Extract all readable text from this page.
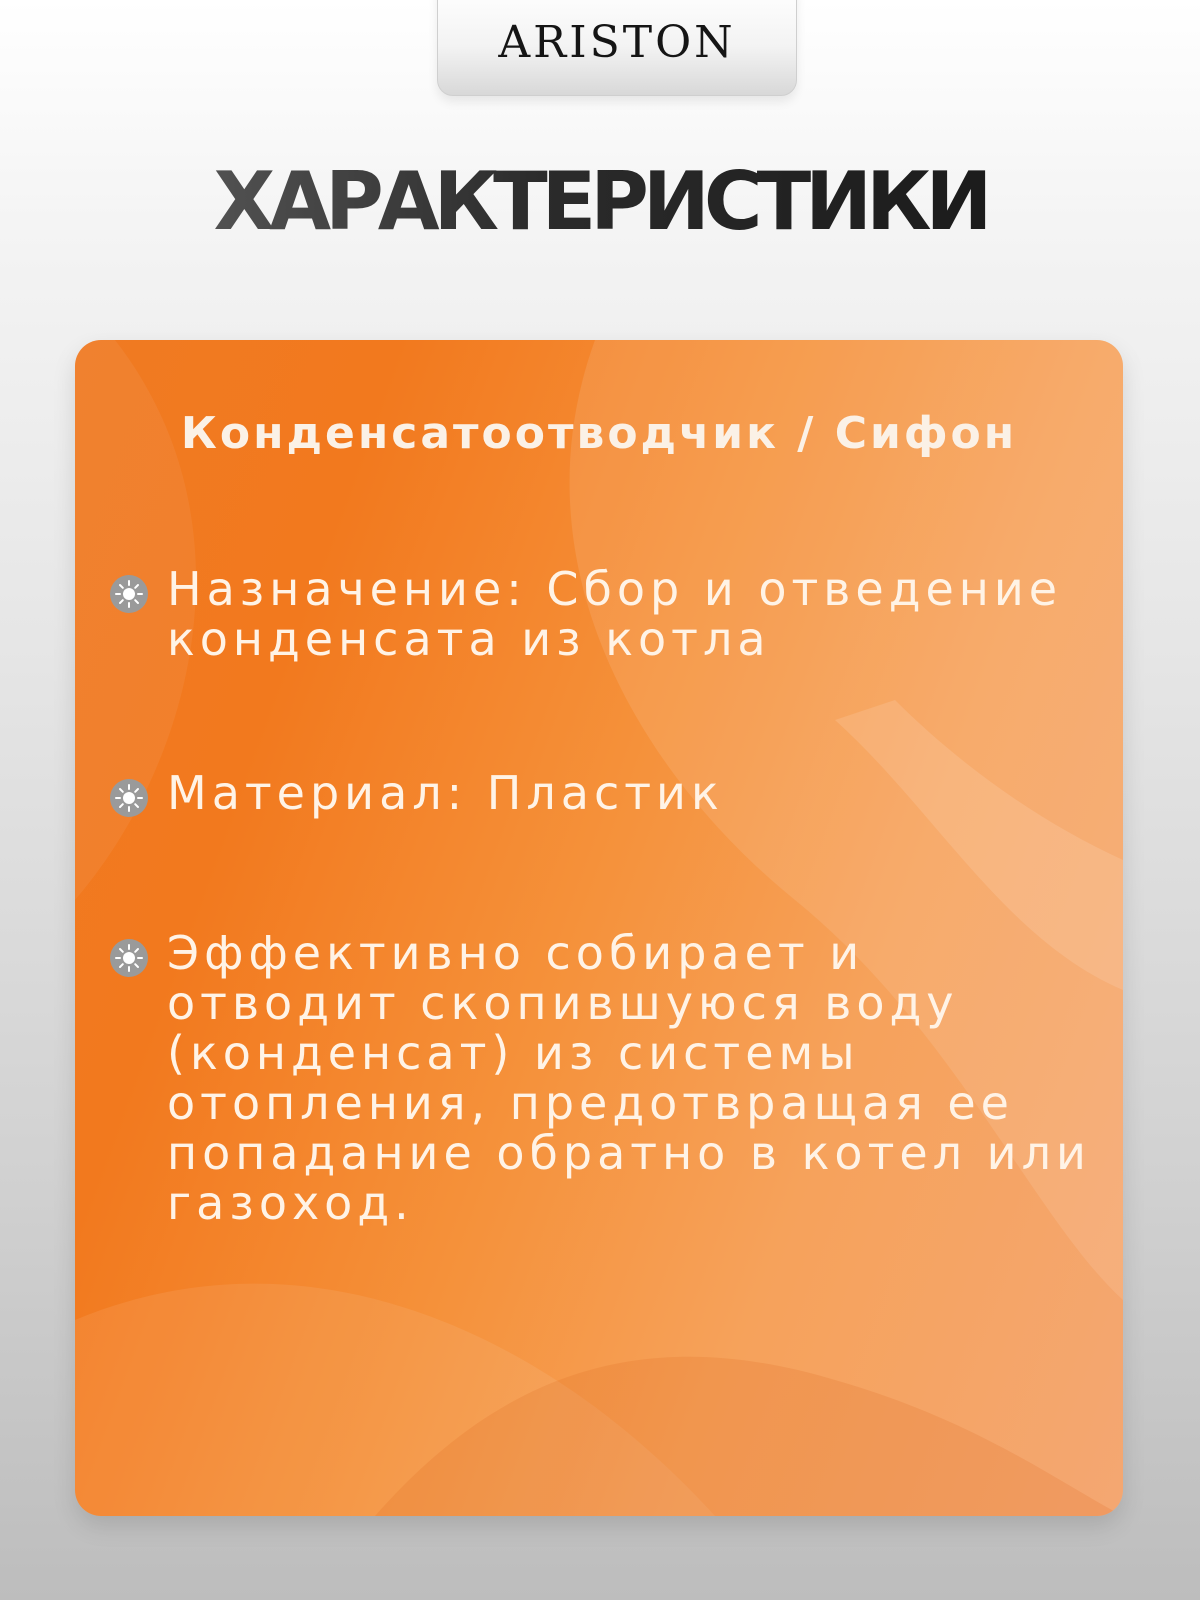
ARISTON
ХАРАКТЕРИСТИКИ
Конденсатоотводчик / Сифон
Назначение: Сбор и отведение конденсата из котла
Материал: Пластик
Эффективно собирает и отводит скопившуюся воду (конденсат) из системы отопления, предотвращая ее попадание обратно в котел или газоход.
